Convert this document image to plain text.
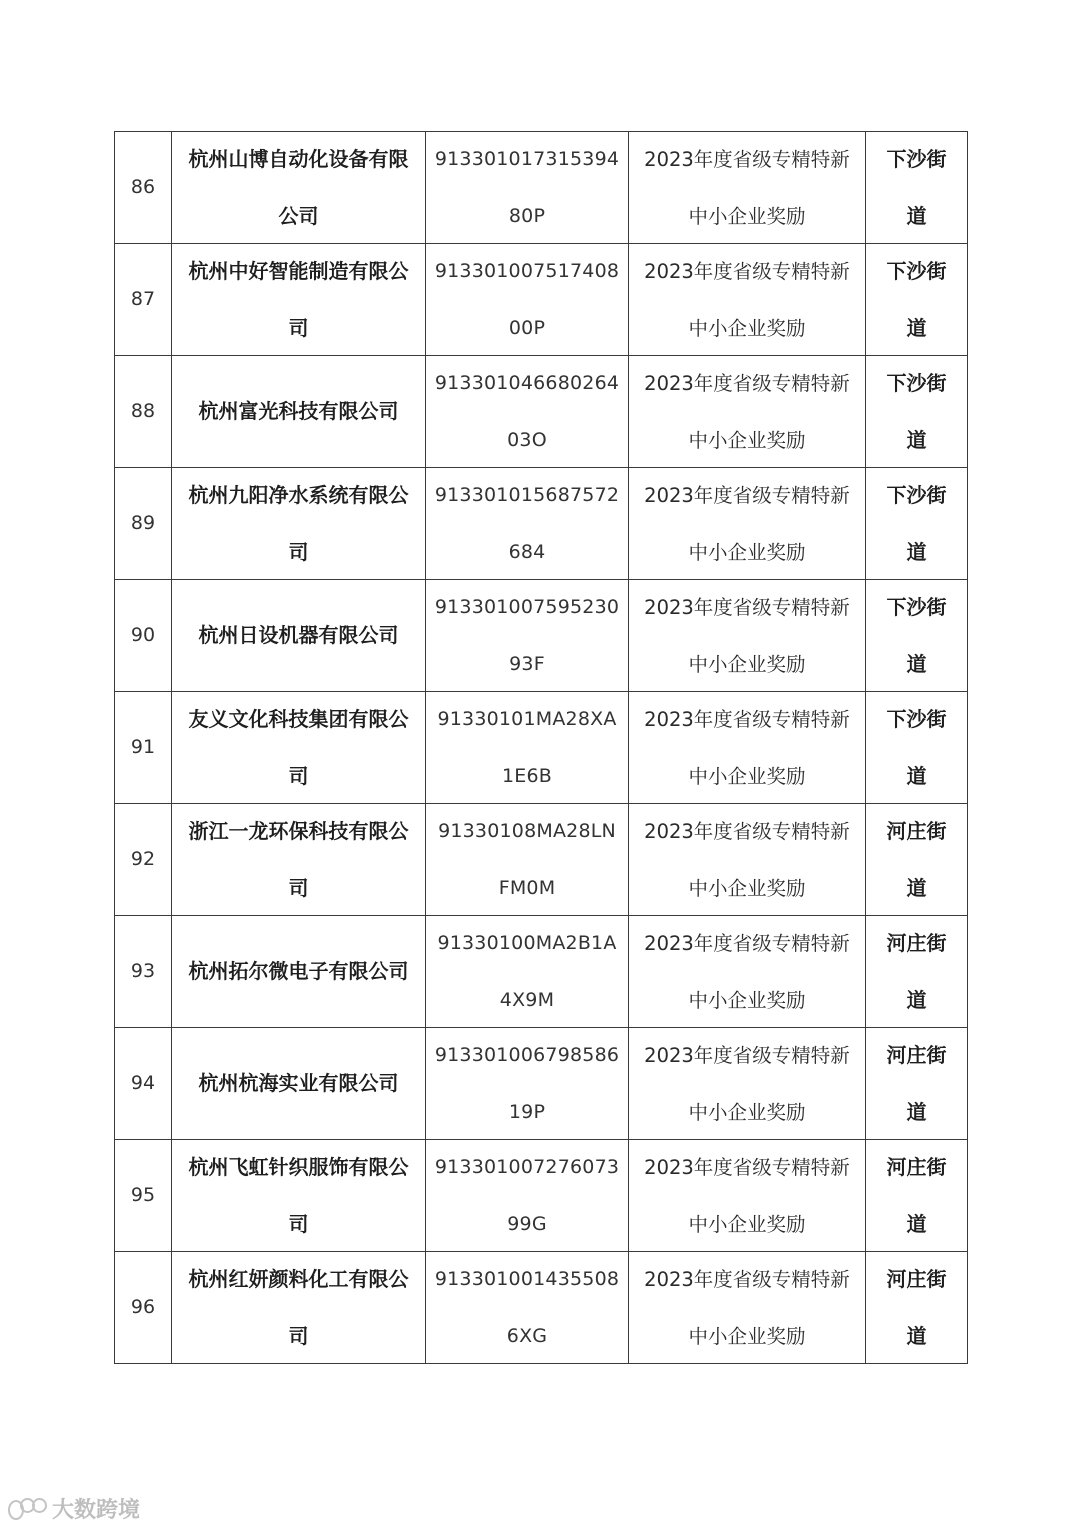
86	杭州山博自动化设备有限公司	91330101731539480P	2023年度省级专精特新中小企业奖励	下沙街道

87	杭州中好智能制造有限公司	91330100751740800P	2023年度省级专精特新中小企业奖励	下沙街道

88	杭州富光科技有限公司	91330104668026403O	2023年度省级专精特新中小企业奖励	下沙街道

89	杭州九阳净水系统有限公司	91330101568757268​4	2023年度省级专精特新中小企业奖励	下沙街道

90	杭州日设机器有限公司	913301007595230​93F	2023年度省级专精特新中小企业奖励	下沙街道

91	友义文化科技集团有限公司	91330101MA28XA1E6B	2023年度省级专精特新中小企业奖励	下沙街道

92	浙江一龙环保科技有限公司	91330108MA28LNFM0M	2023年度省级专精特新中小企业奖励	河庄街道

93	杭州拓尔微电子有限公司	91330100MA2B1A4X9M	2023年度省级专精特新中小企业奖励	河庄街道

94	杭州杭海实业有限公司	913301006798586​19P	2023年度省级专精特新中小企业奖励	河庄街道

95	杭州飞虹针织服饰有限公司	913301007276073​99G	2023年度省级专精特新中小企业奖励	河庄街道

96	杭州红妍颜料化工有限公司	913301001435508​6XG	2023年度省级专精特新中小企业奖励	河庄街道
大数跨境
